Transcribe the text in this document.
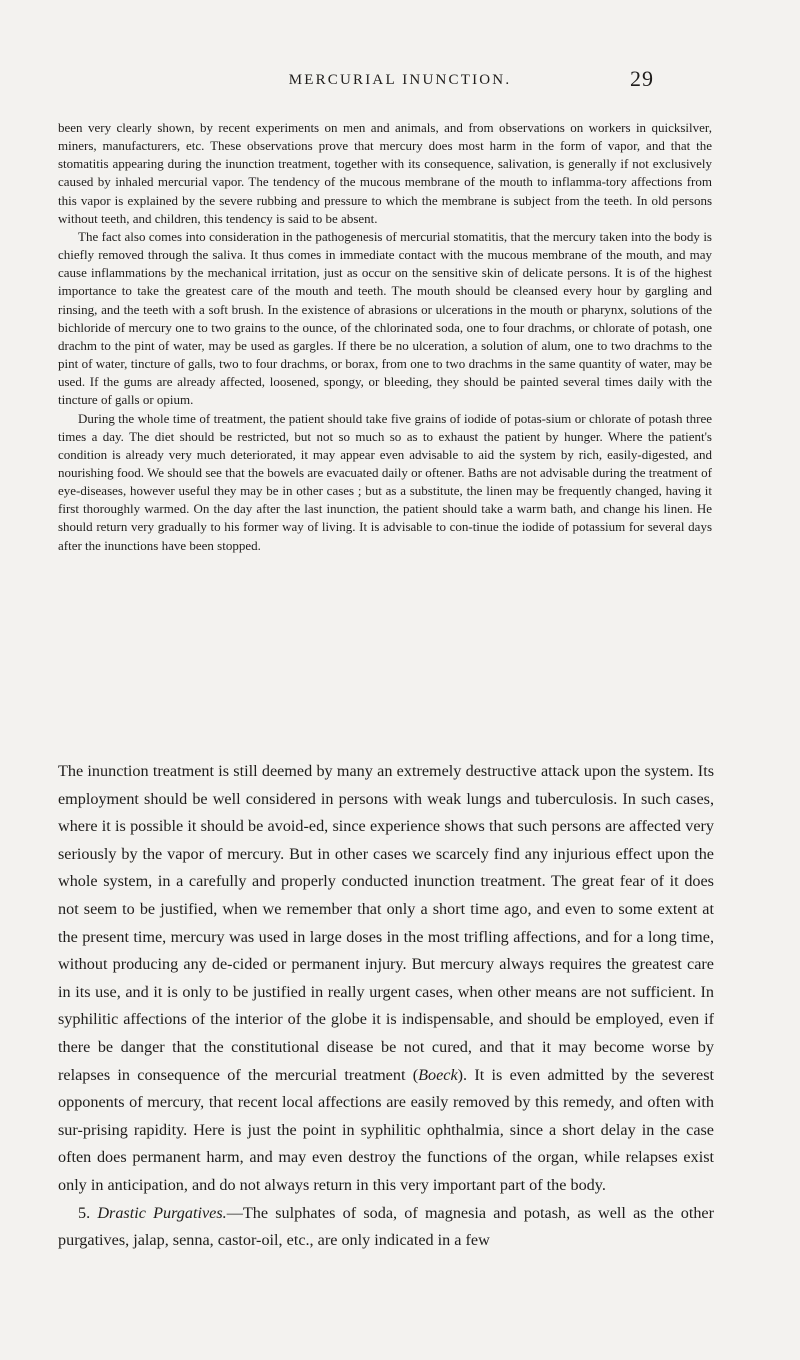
MERCURIAL INUNCTION.	29

been very clearly shown, by recent experiments on men and animals, and from observations on workers in quicksilver, miners, manufacturers, etc. These observations prove that mercury does most harm in the form of vapor, and that the stomatitis appearing during the inunction treatment, together with its consequence, salivation, is generally if not exclusively caused by inhaled mercurial vapor. The tendency of the mucous membrane of the mouth to inflamma-tory affections from this vapor is explained by the severe rubbing and pressure to which the membrane is subject from the teeth. In old persons without teeth, and children, this tendency is said to be absent.

The fact also comes into consideration in the pathogenesis of mercurial stomatitis, that the mercury taken into the body is chiefly removed through the saliva. It thus comes in immediate contact with the mucous membrane of the mouth, and may cause inflammations by the mechanical irritation, just as occur on the sensitive skin of delicate persons. It is of the highest importance to take the greatest care of the mouth and teeth. The mouth should be cleansed every hour by gargling and rinsing, and the teeth with a soft brush. In the existence of abrasions or ulcerations in the mouth or pharynx, solutions of the bichloride of mercury one to two grains to the ounce, of the chlorinated soda, one to four drachms, or chlorate of potash, one drachm to the pint of water, may be used as gargles. If there be no ulceration, a solution of alum, one to two drachms to the pint of water, tincture of galls, two to four drachms, or borax, from one to two drachms in the same quantity of water, may be used. If the gums are already affected, loosened, spongy, or bleeding, they should be painted several times daily with the tincture of galls or opium.

During the whole time of treatment, the patient should take five grains of iodide of potas-sium or chlorate of potash three times a day. The diet should be restricted, but not so much so as to exhaust the patient by hunger. Where the patient's condition is already very much deteriorated, it may appear even advisable to aid the system by rich, easily-digested, and nourishing food. We should see that the bowels are evacuated daily or oftener. Baths are not advisable during the treatment of eye-diseases, however useful they may be in other cases ; but as a substitute, the linen may be frequently changed, having it first thoroughly warmed. On the day after the last inunction, the patient should take a warm bath, and change his linen. He should return very gradually to his former way of living. It is advisable to con-tinue the iodide of potassium for several days after the inunctions have been stopped.

The inunction treatment is still deemed by many an extremely destructive attack upon the system. Its employment should be well considered in persons with weak lungs and tuberculosis. In such cases, where it is possible it should be avoid-ed, since experience shows that such persons are affected very seriously by the vapor of mercury. But in other cases we scarcely find any injurious effect upon the whole system, in a carefully and properly conducted inunction treatment. The great fear of it does not seem to be justified, when we remember that only a short time ago, and even to some extent at the present time, mercury was used in large doses in the most trifling affections, and for a long time, without producing any de-cided or permanent injury. But mercury always requires the greatest care in its use, and it is only to be justified in really urgent cases, when other means are not sufficient. In syphilitic affections of the interior of the globe it is indispensable, and should be employed, even if there be danger that the constitutional disease be not cured, and that it may become worse by relapses in consequence of the mercurial treatment (Boeck). It is even admitted by the severest opponents of mercury, that recent local affections are easily removed by this remedy, and often with sur-prising rapidity. Here is just the point in syphilitic ophthalmia, since a short delay in the case often does permanent harm, and may even destroy the functions of the organ, while relapses exist only in anticipation, and do not always return in this very important part of the body.

5. Drastic Purgatives.—The sulphates of soda, of magnesia and potash, as well as the other purgatives, jalap, senna, castor-oil, etc., are only indicated in a few
